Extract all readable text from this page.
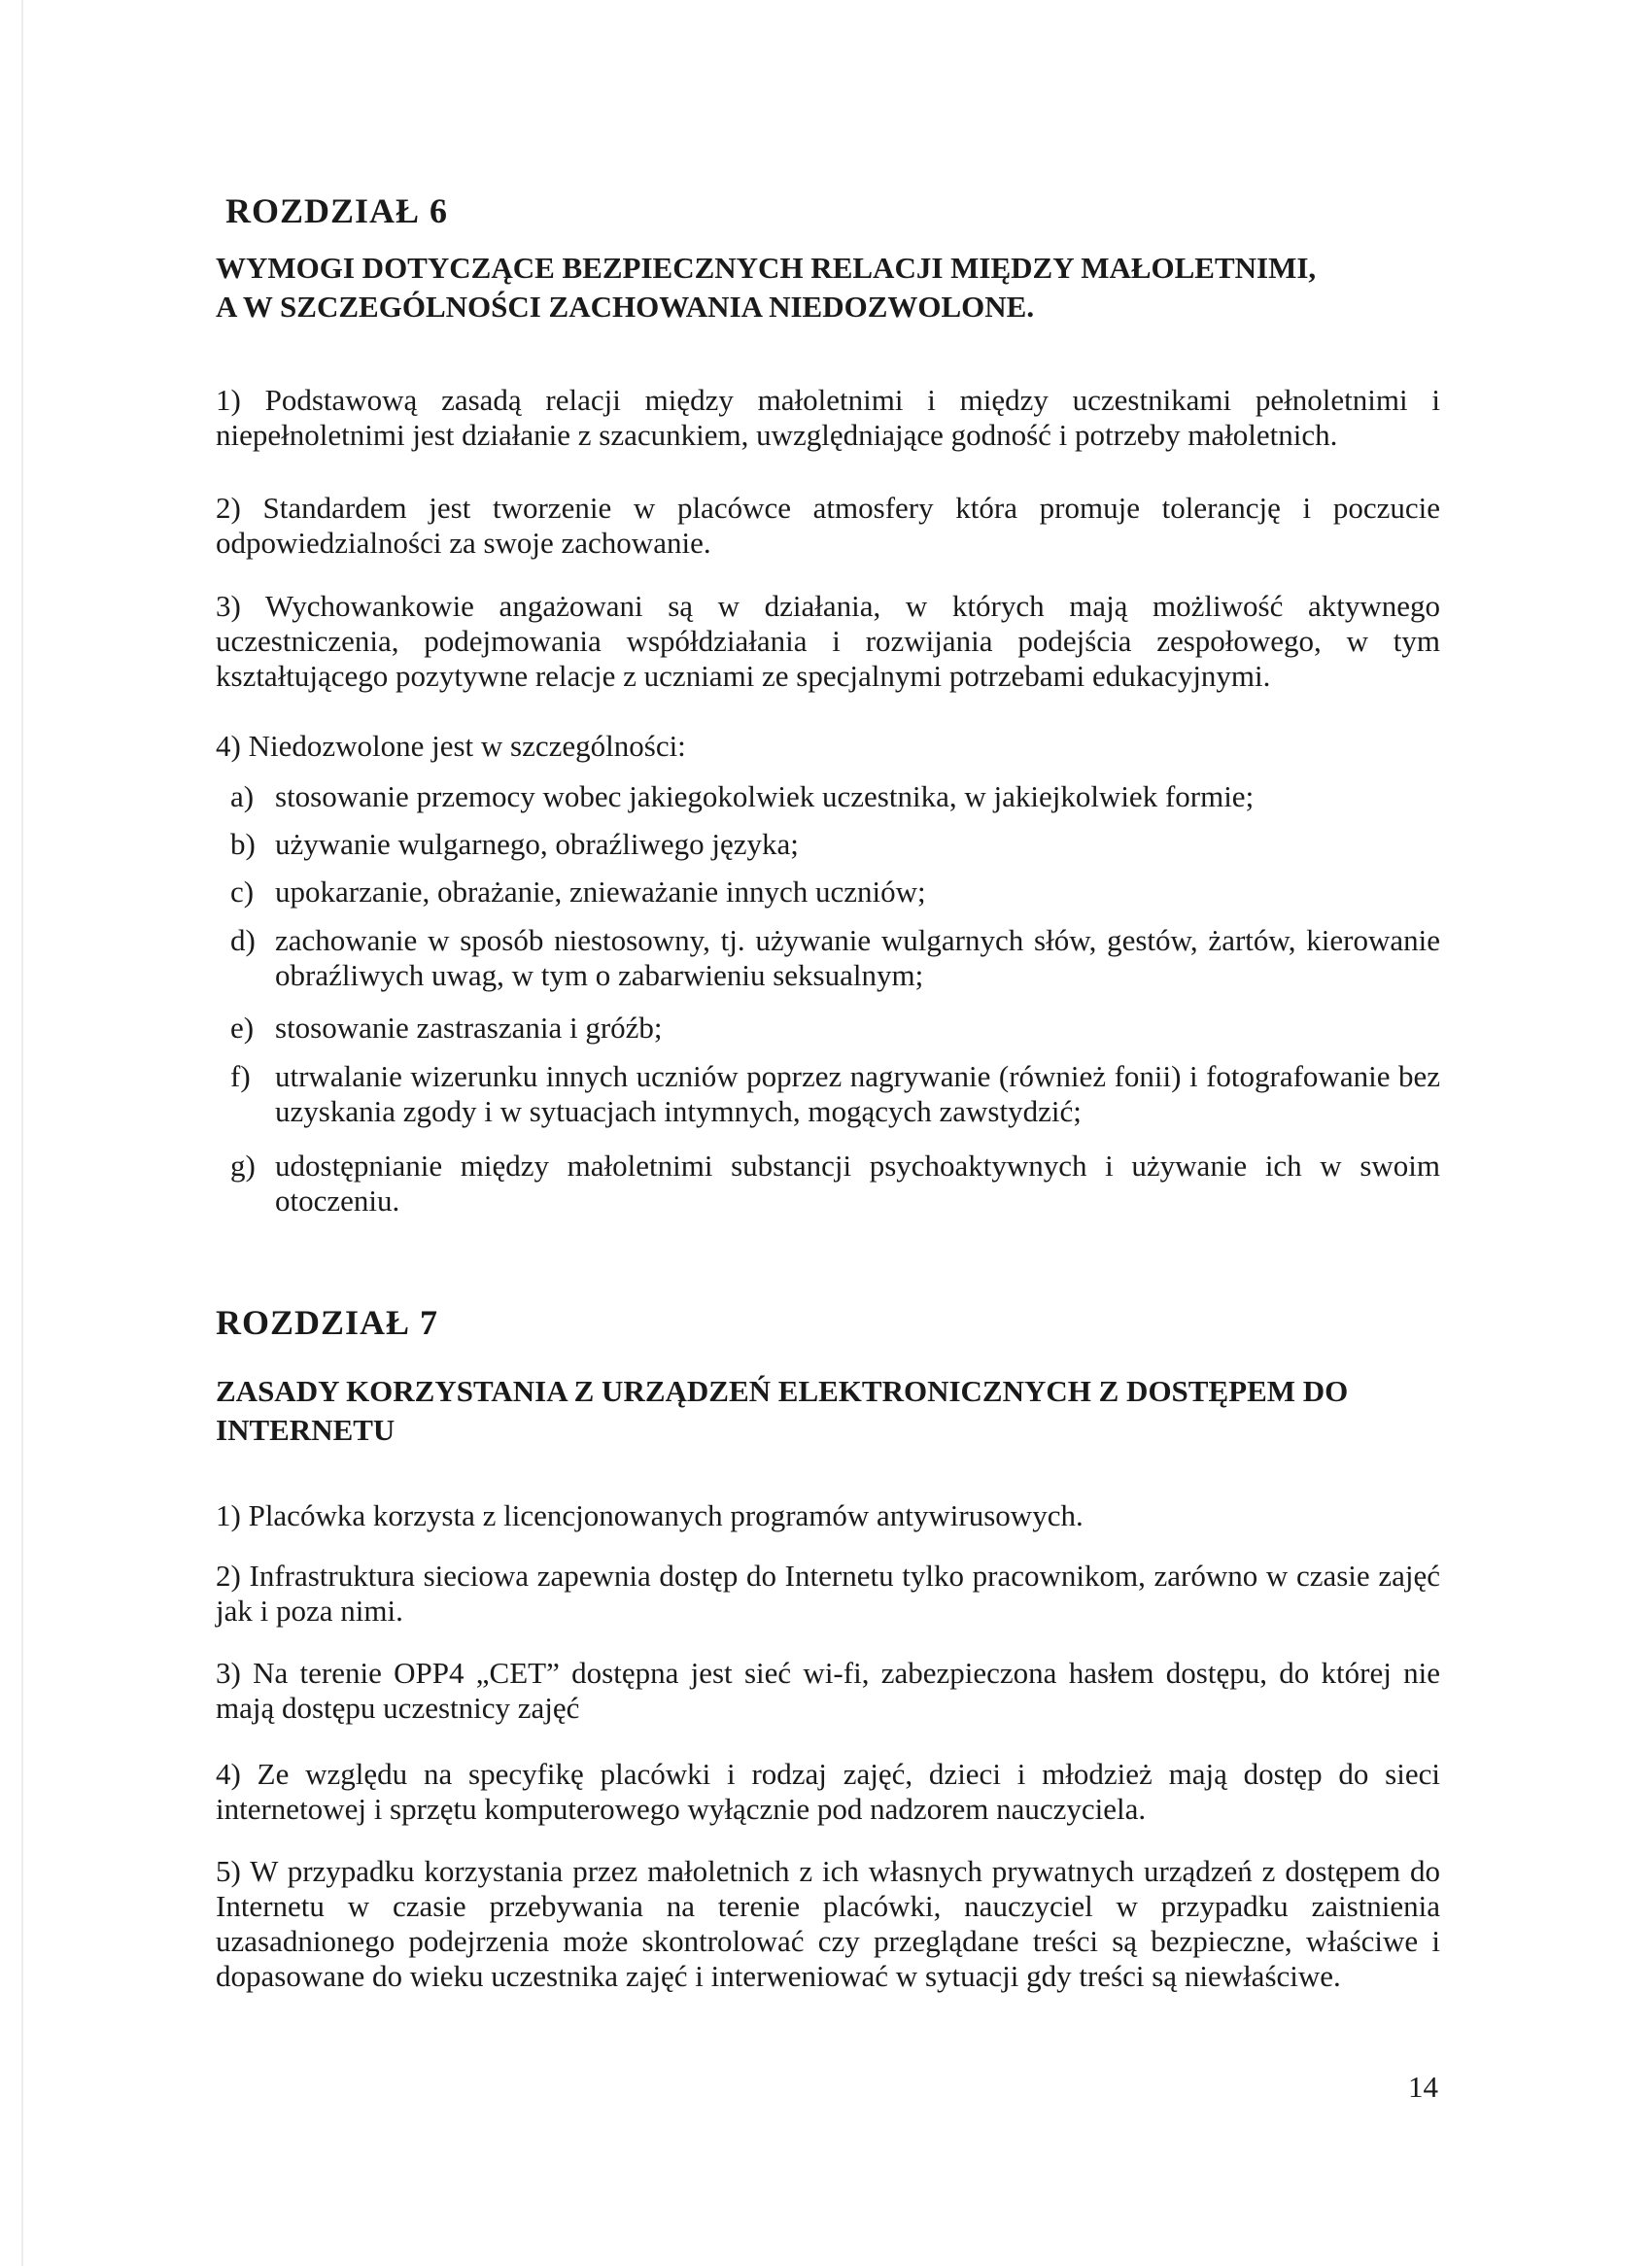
ROZDZIAŁ 6
WYMOGI DOTYCZĄCE BEZPIECZNYCH RELACJI MIĘDZY MAŁOLETNIMI,
A W SZCZEGÓLNOŚCI ZACHOWANIA NIEDOZWOLONE.

1) Podstawową zasadą relacji między małoletnimi i między uczestnikami pełnoletnimi i niepełnoletnimi jest działanie z szacunkiem, uwzględniające godność i potrzeby małoletnich.

2) Standardem jest tworzenie w placówce atmosfery która promuje tolerancję i poczucie odpowiedzialności za swoje zachowanie.

3) Wychowankowie angażowani są w działania, w których mają możliwość aktywnego uczestniczenia, podejmowania współdziałania i rozwijania podejścia zespołowego, w tym kształtującego pozytywne relacje z uczniami ze specjalnymi potrzebami edukacyjnymi.

4) Niedozwolone jest w szczególności:

a) stosowanie przemocy wobec jakiegokolwiek uczestnika, w jakiejkolwiek formie;
b) używanie wulgarnego, obraźliwego języka;
c) upokarzanie, obrażanie, znieważanie innych uczniów;
d) zachowanie w sposób niestosowny, tj. używanie wulgarnych słów, gestów, żartów, kierowanie obraźliwych uwag, w tym o zabarwieniu seksualnym;
e) stosowanie zastraszania i gróźb;
f) utrwalanie wizerunku innych uczniów poprzez nagrywanie (również fonii) i fotografowanie bez uzyskania zgody i w sytuacjach intymnych, mogących zawstydzić;
g) udostępnianie między małoletnimi substancji psychoaktywnych i używanie ich w swoim otoczeniu.
ROZDZIAŁ 7
ZASADY KORZYSTANIA Z URZĄDZEŃ ELEKTRONICZNYCH Z DOSTĘPEM DO INTERNETU

1) Placówka korzysta z licencjonowanych programów antywirusowych.

2) Infrastruktura sieciowa zapewnia dostęp do Internetu tylko pracownikom, zarówno w czasie zajęć jak i poza nimi.

3) Na terenie OPP4 „CET” dostępna jest sieć wi-fi, zabezpieczona hasłem dostępu, do której nie mają dostępu uczestnicy zajęć

4) Ze względu na specyfikę placówki i rodzaj zajęć, dzieci i młodzież mają dostęp do sieci internetowej i sprzętu komputerowego wyłącznie pod nadzorem nauczyciela.

5) W przypadku korzystania przez małoletnich z ich własnych prywatnych urządzeń z dostępem do Internetu w czasie przebywania na terenie placówki, nauczyciel w przypadku zaistnienia uzasadnionego podejrzenia może skontrolować czy przeglądane treści są bezpieczne, właściwe i dopasowane do wieku uczestnika zajęć i interweniować w sytuacji gdy treści są niewłaściwe.

14
